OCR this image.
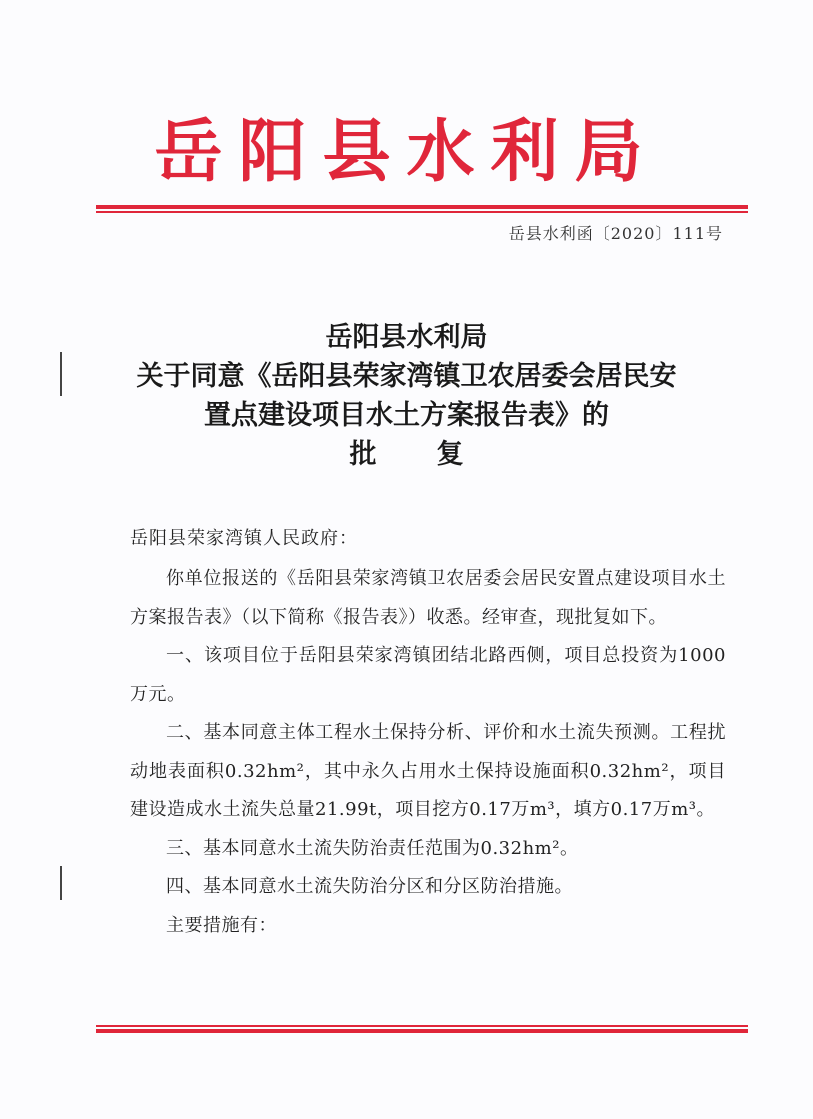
岳阳县水利局
岳县水利函〔2020〕111号
岳阳县水利局
关于同意《岳阳县荣家湾镇卫农居委会居民安
置点建设项目水土方案报告表》的
批复
岳阳县荣家湾镇人民政府：

你单位报送的《岳阳县荣家湾镇卫农居委会居民安置点建设项目水土方案报告表》（以下简称《报告表》）收悉。经审查，现批复如下。

一、该项目位于岳阳县荣家湾镇团结北路西侧，项目总投资为1000万元。

二、基本同意主体工程水土保持分析、评价和水土流失预测。工程扰动地表面积0.32hm²，其中永久占用水土保持设施面积0.32hm²，项目建设造成水土流失总量21.99t，项目挖方0.17万m³，填方0.17万m³。

三、基本同意水土流失防治责任范围为0.32hm²。

四、基本同意水土流失防治分区和分区防治措施。

主要措施有：
